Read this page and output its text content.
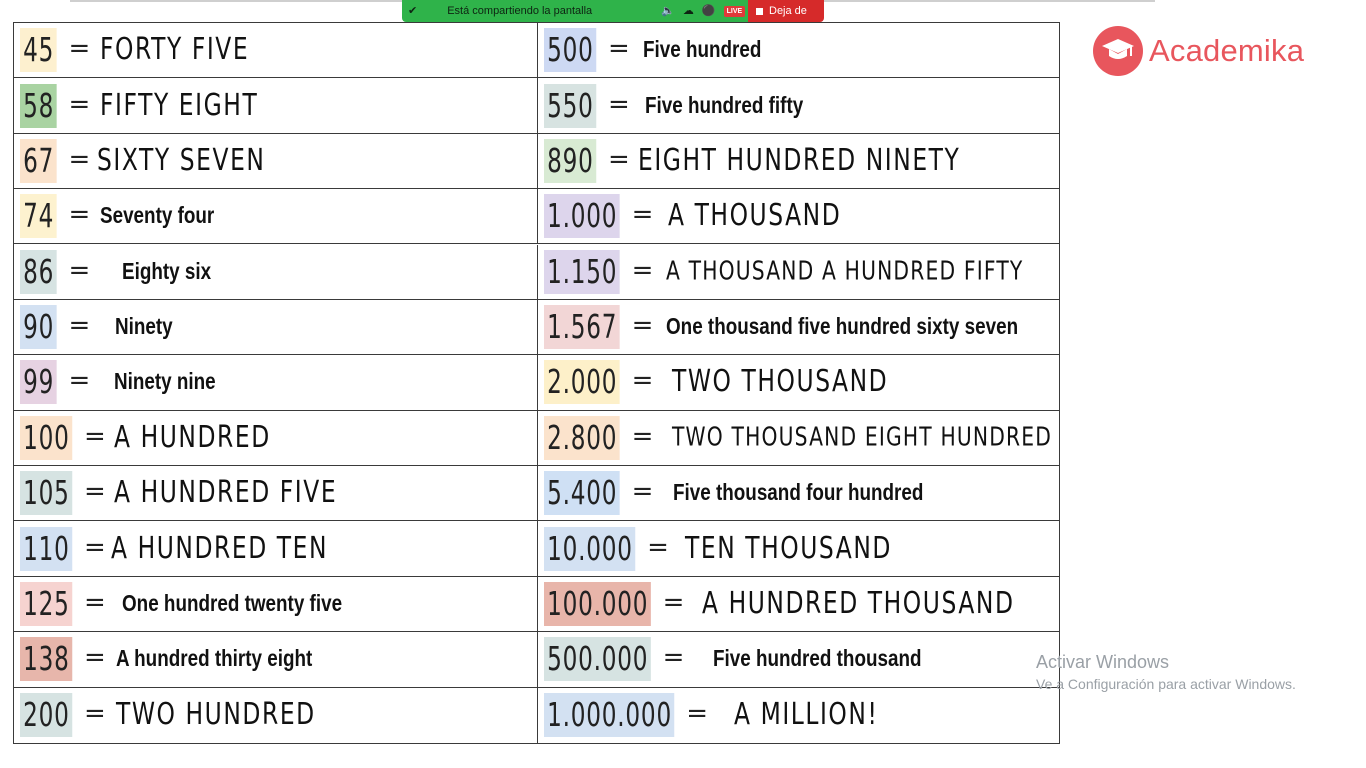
✔	Está compartiendo la pantalla	🔈 ☁ ⚫	LIVE Deja de
45 = FORTY FIVE	500 = Five hundred
58 = FIFTY EIGHT	550 = Five hundred fifty
67 = SIXTY SEVEN	890 = EIGHT HUNDRED NINETY
74 = Seventy four	1.000 = A THOUSAND
86 = Eighty six	1.150 = A THOUSAND A HUNDRED FIFTY
90 = Ninety	1.567 = One thousand five hundred sixty seven
99 = Ninety nine	2.000 = TWO THOUSAND
100 = A HUNDRED	2.800 = TWO THOUSAND EIGHT HUNDRED
105 = A HUNDRED FIVE	5.400 = Five thousand four hundred
110 = A HUNDRED TEN	10.000 = TEN THOUSAND
125 = One hundred twenty five	100.000 = A HUNDRED THOUSAND
138 = A hundred thirty eight	500.000 = Five hundred thousand
200 = TWO HUNDRED	1.000.000 = A MILLION!
Academika
Activar Windows
Ve a Configuración para activar Windows.
